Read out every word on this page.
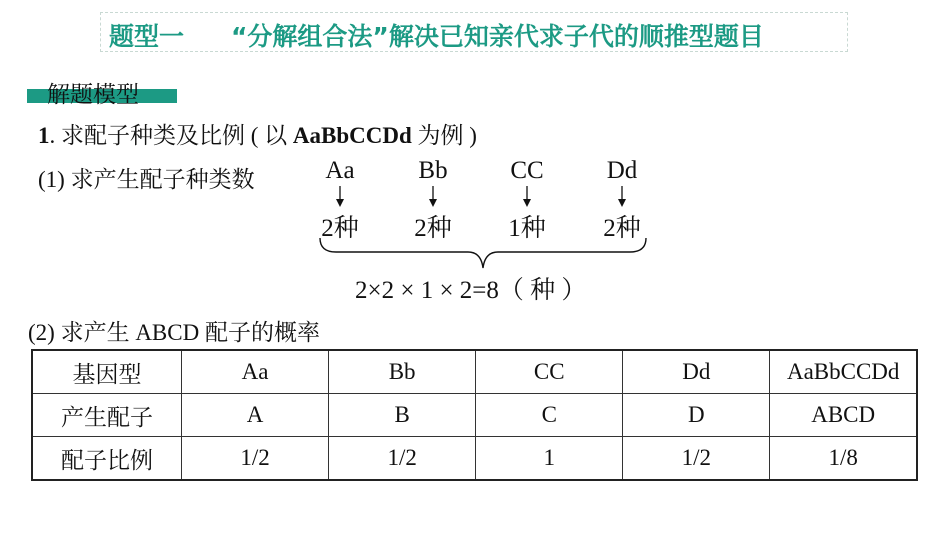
题型一 “分解组合法”解决已知亲代求子代的顺推型题目
解题模型
1. 求配子种类及比例 ( 以 AaBbCCDd 为例 )
(1) 求产生配子种类数	Aa	Bb	CC	Dd
2种	2种	1种	2种
2×2 × 1 × 2=8（ 种 ）
(2) 求产生 ABCD 配子的概率
基因型	Aa	Bb	CC	Dd	AaBbCCDd
产生配子	A	B	C	D	ABCD
配子比例	1/2	1/2	1	1/2	1/8
